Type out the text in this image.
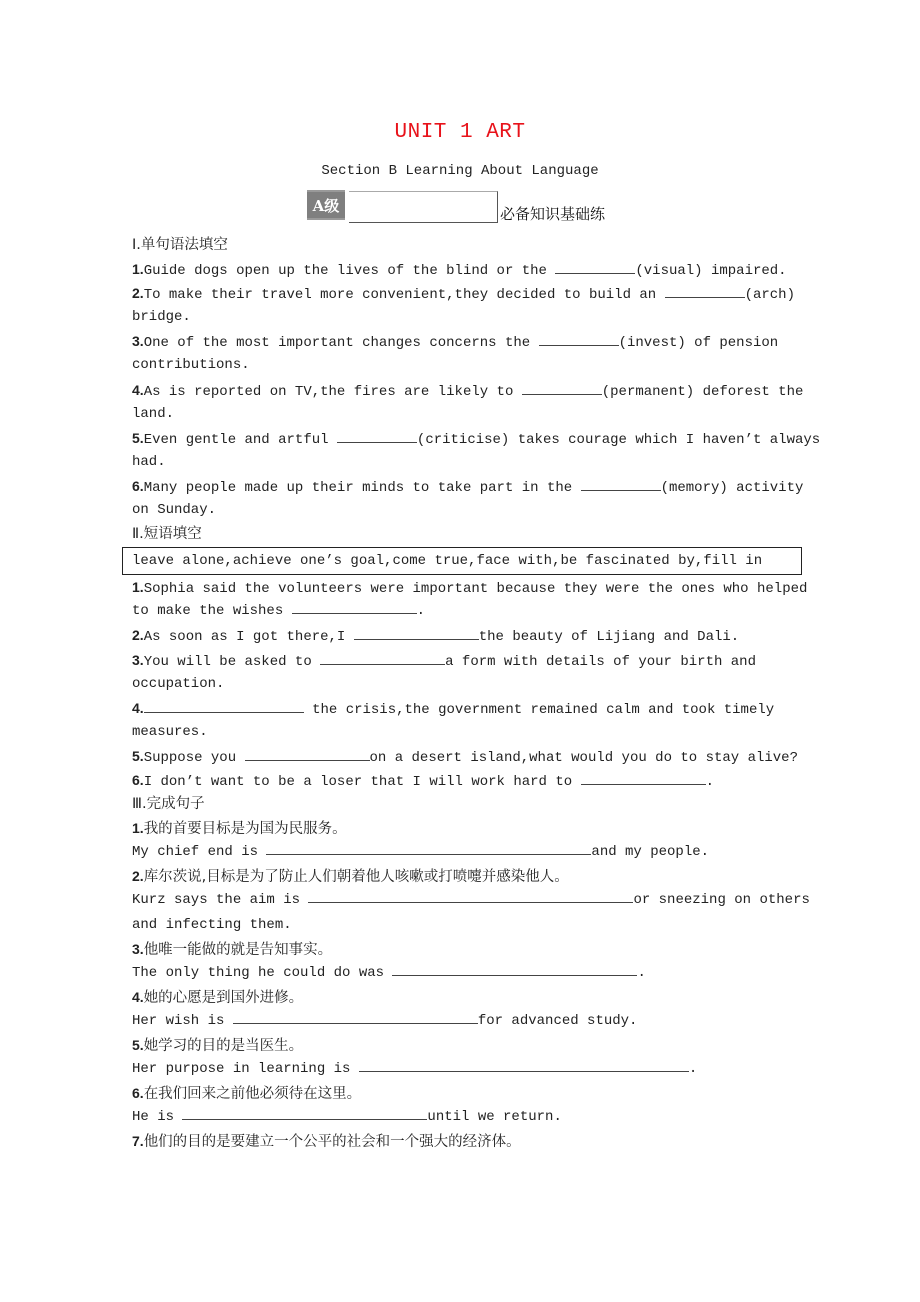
UNIT 1 ART
Section B Learning About Language
A级	必备知识基础练
Ⅰ.单句语法填空
1.Guide dogs open up the lives of the blind or the	(visual) impaired.
2.To make their travel more convenient,they decided to build an	(arch)
bridge.
3.One of the most important changes concerns the	(invest) of pension
contributions.
4.As is reported on TV,the fires are likely to	(permanent) deforest the
land.
5.Even gentle and artful	(criticise) takes courage which I haven’t always
had.
6.Many people made up their minds to take part in the	(memory) activity
on Sunday.
Ⅱ.短语填空
leave alone,achieve one’s goal,come true,face with,be fascinated by,fill in
1.Sophia said the volunteers were important because they were the ones who helped
to make the wishes	.
2.As soon as I got there,I	the beauty of Lijiang and Dali.
3.You will be asked to	a form with details of your birth and
occupation.
4.	the crisis,the government remained calm and took timely
measures.
5.Suppose you	on a desert island,what would you do to stay alive?
6.I don’t want to be a loser that I will work hard to	.
Ⅲ.完成句子
1.我的首要目标是为国为民服务。
My chief end is	and my people.
2.库尔茨说,目标是为了防止人们朝着他人咳嗽或打喷嚏并感染他人。
Kurz says the aim is	or sneezing on others
and infecting them.
3.他唯一能做的就是告知事实。
The only thing he could do was	.
4.她的心愿是到国外进修。
Her wish is	for advanced study.
5.她学习的目的是当医生。
Her purpose in learning is	.
6.在我们回来之前他必须待在这里。
He is	until we return.
7.他们的目的是要建立一个公平的社会和一个强大的经济体。
